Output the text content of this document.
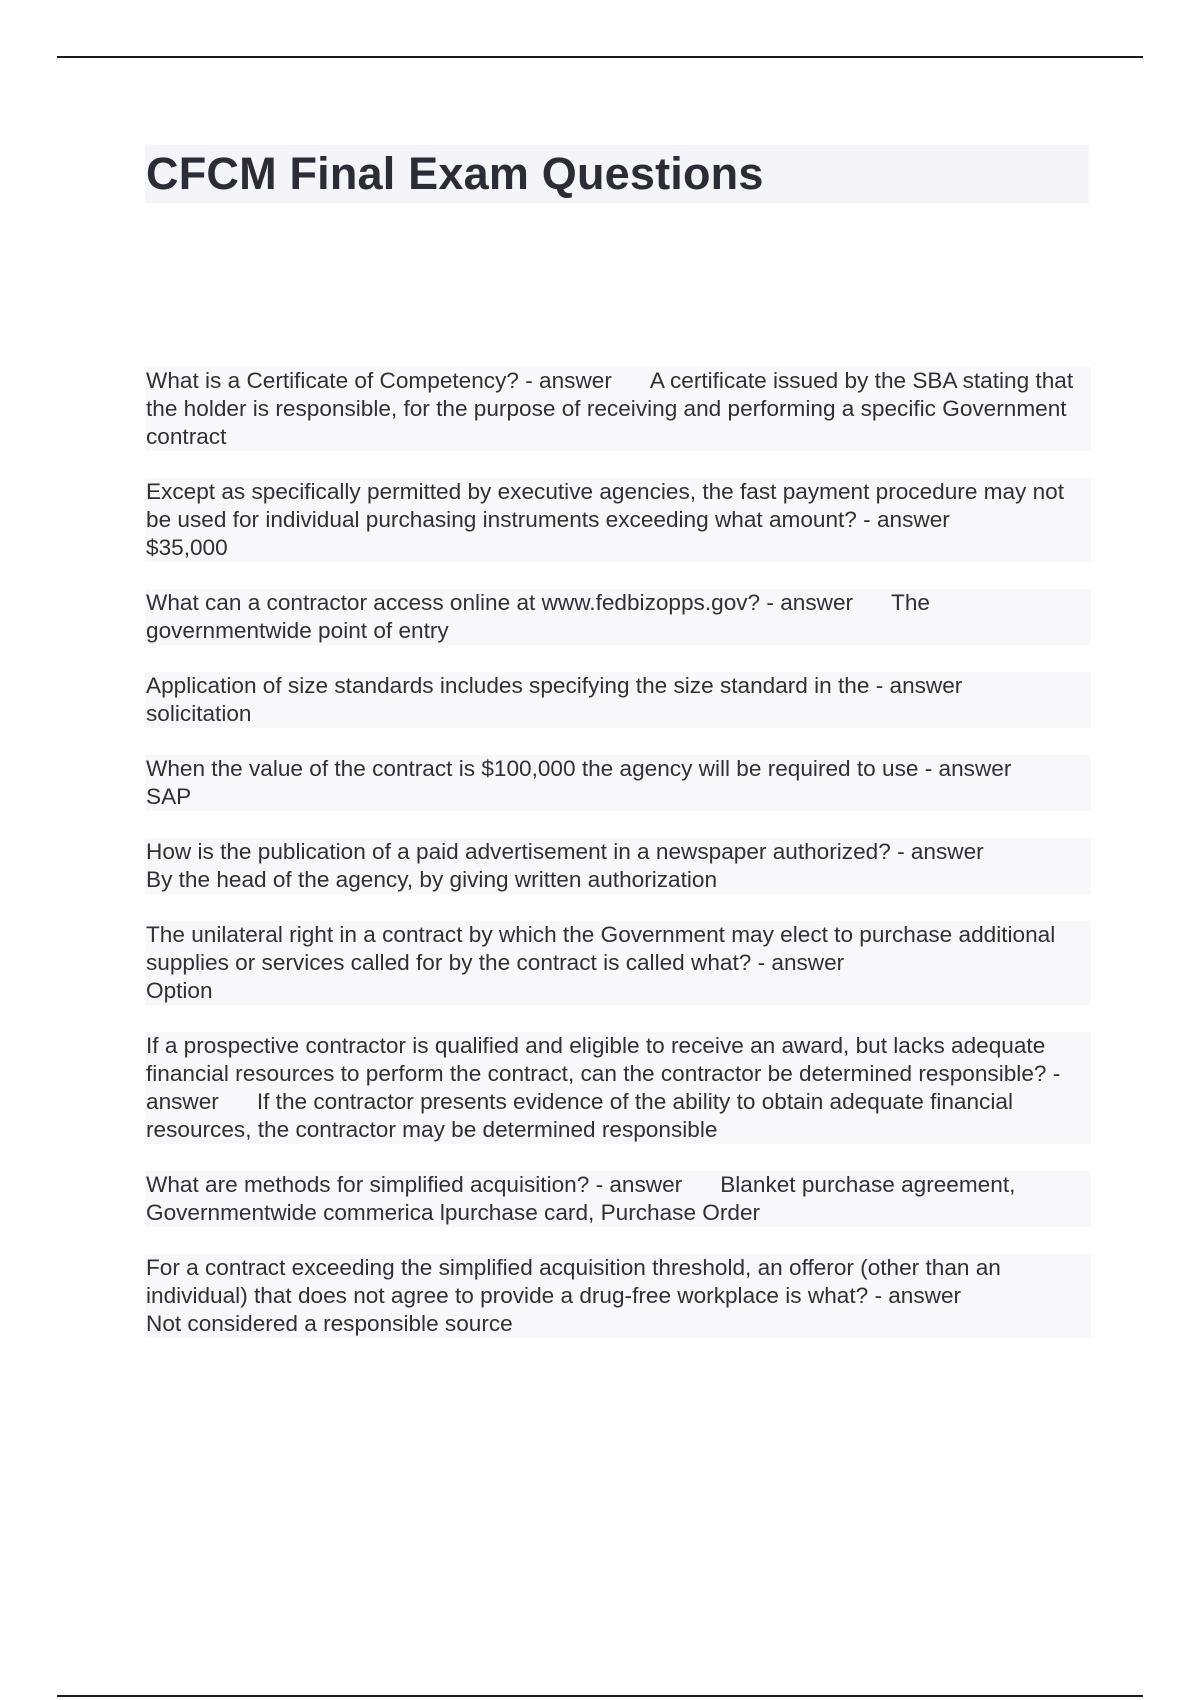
CFCM Final Exam Questions
What is a Certificate of Competency? - answer A certificate issued by the SBA stating that the holder is responsible, for the purpose of receiving and performing a specific Government contract
Except as specifically permitted by executive agencies, the fast payment procedure may not be used for individual purchasing instruments exceeding what amount? - answer
$35,000
What can a contractor access online at www.fedbizopps.gov? - answer The governmentwide point of entry
Application of size standards includes specifying the size standard in the - answer
solicitation
When the value of the contract is $100,000 the agency will be required to use - answer
SAP
How is the publication of a paid advertisement in a newspaper authorized? - answer
By the head of the agency, by giving written authorization
The unilateral right in a contract by which the Government may elect to purchase additional supplies or services called for by the contract is called what? - answer
Option
If a prospective contractor is qualified and eligible to receive an award, but lacks adequate financial resources to perform the contract, can the contractor be determined responsible? - answer If the contractor presents evidence of the ability to obtain adequate financial resources, the contractor may be determined responsible
What are methods for simplified acquisition? - answer Blanket purchase agreement, Governmentwide commerica lpurchase card, Purchase Order
For a contract exceeding the simplified acquisition threshold, an offeror (other than an individual) that does not agree to provide a drug-free workplace is what? - answer
Not considered a responsible source
